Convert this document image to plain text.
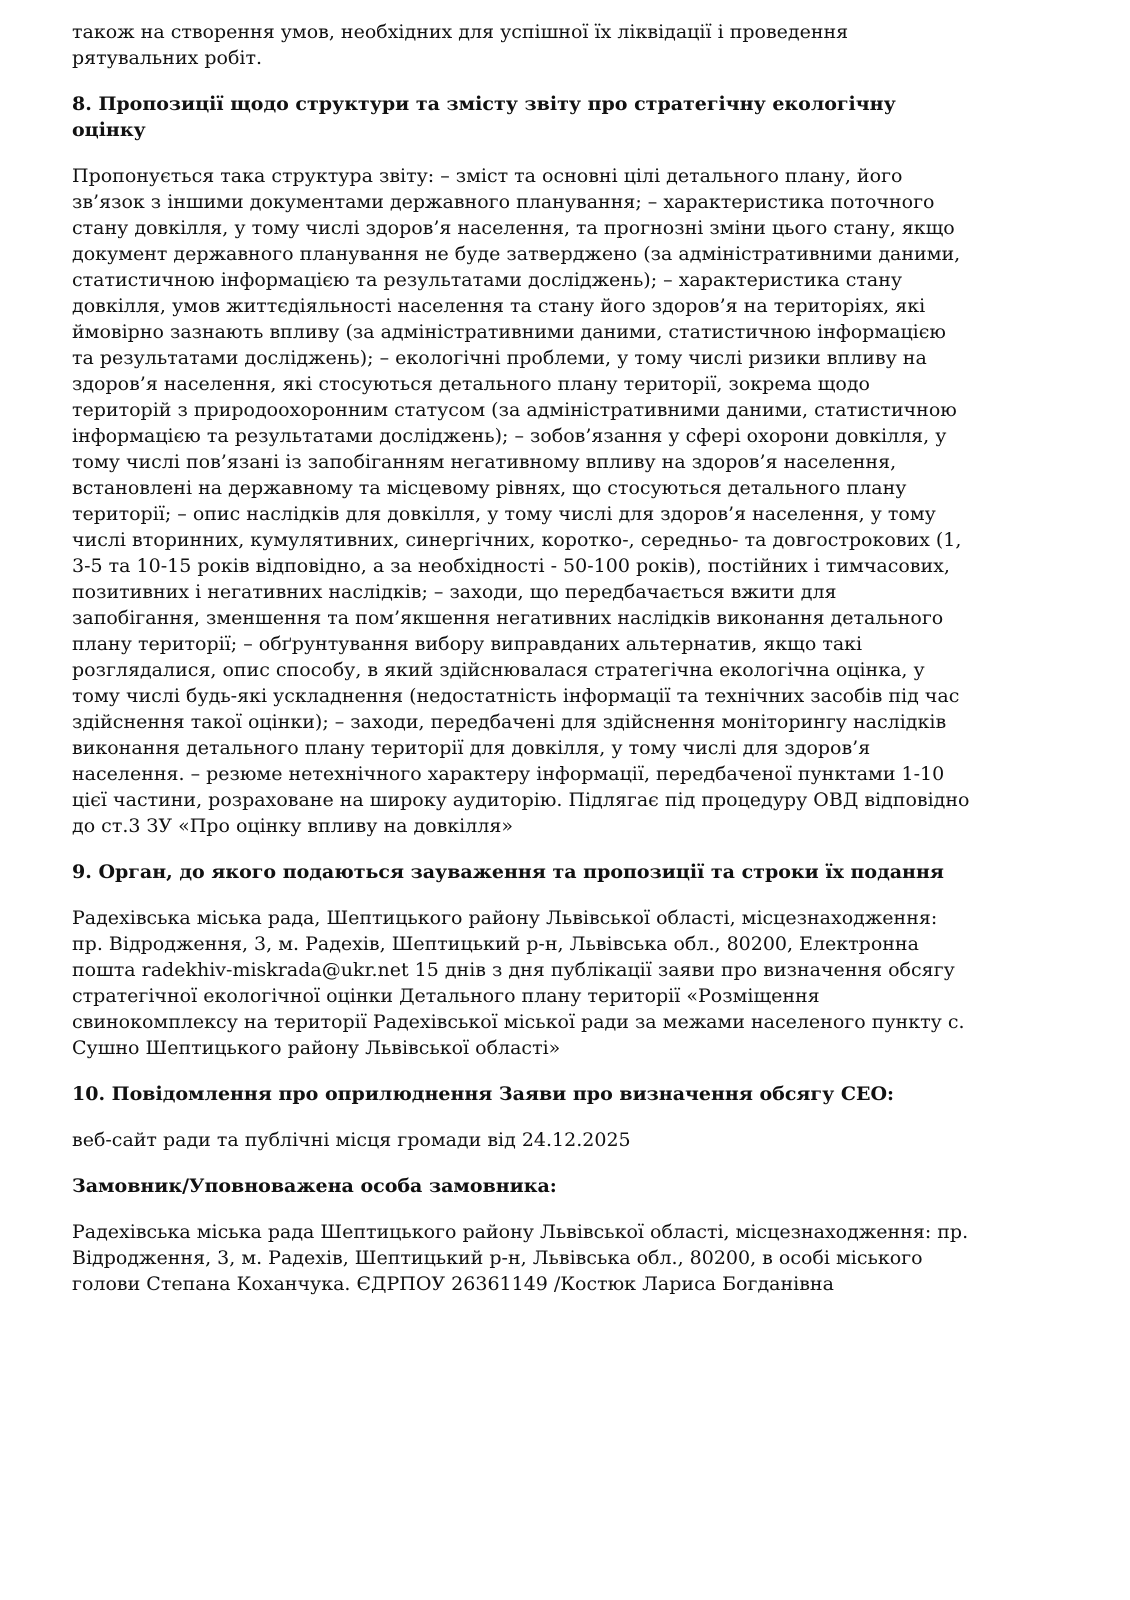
також на створення умов, необхідних для успішної їх ліквідації і проведення
рятувальних робіт.

8. Пропозиції щодо структури та змісту звіту про стратегічну екологічну
оцінку

Пропонується така структура звіту: – зміст та основні цілі детального плану, його
зв’язок з іншими документами державного планування; – характеристика поточного
стану довкілля, у тому числі здоров’я населення, та прогнозні зміни цього стану, якщо
документ державного планування не буде затверджено (за адміністративними даними,
статистичною інформацією та результатами досліджень); – характеристика стану
довкілля, умов життєдіяльності населення та стану його здоров’я на територіях, які
ймовірно зазнають впливу (за адміністративними даними, статистичною інформацією
та результатами досліджень); – екологічні проблеми, у тому числі ризики впливу на
здоров’я населення, які стосуються детального плану території, зокрема щодо
територій з природоохоронним статусом (за адміністративними даними, статистичною
інформацією та результатами досліджень); – зобов’язання у сфері охорони довкілля, у
тому числі пов’язані із запобіганням негативному впливу на здоров’я населення,
встановлені на державному та місцевому рівнях, що стосуються детального плану
території; – опис наслідків для довкілля, у тому числі для здоров’я населення, у тому
числі вторинних, кумулятивних, синергічних, коротко-, середньо- та довгострокових (1,
3-5 та 10-15 років відповідно, а за необхідності - 50-100 років), постійних і тимчасових,
позитивних і негативних наслідків; – заходи, що передбачається вжити для
запобігання, зменшення та пом’якшення негативних наслідків виконання детального
плану території; – обґрунтування вибору виправданих альтернатив, якщо такі
розглядалися, опис способу, в який здійснювалася стратегічна екологічна оцінка, у
тому числі будь-які ускладнення (недостатність інформації та технічних засобів під час
здійснення такої оцінки); – заходи, передбачені для здійснення моніторингу наслідків
виконання детального плану території для довкілля, у тому числі для здоров’я
населення. – резюме нетехнічного характеру інформації, передбаченої пунктами 1-10
цієї частини, розраховане на широку аудиторію. Підлягає під процедуру ОВД відповідно
до ст.3 ЗУ «Про оцінку впливу на довкілля»

9. Орган, до якого подаються зауваження та пропозиції та строки їх подання

Радехівська міська рада, Шептицького району Львівської області, місцезнаходження:
пр. Відродження, 3, м. Радехів, Шептицький р-н, Львівська обл., 80200, Електронна
пошта radekhiv-miskrada@ukr.net 15 днів з дня публікації заяви про визначення обсягу
стратегічної екологічної оцінки Детального плану території «Розміщення
свинокомплексу на території Радехівської міської ради за межами населеного пункту с.
Сушно Шептицького району Львівської області»

10. Повідомлення про оприлюднення Заяви про визначення обсягу СЕО:

веб-сайт ради та публічні місця громади від 24.12.2025

Замовник/Уповноважена особа замовника:

Радехівська міська рада Шептицького району Львівської області, місцезнаходження: пр.
Відродження, 3, м. Радехів, Шептицький р-н, Львівська обл., 80200, в особі міського
голови Степана Коханчука. ЄДРПОУ 26361149 /Костюк Лариса Богданівна
